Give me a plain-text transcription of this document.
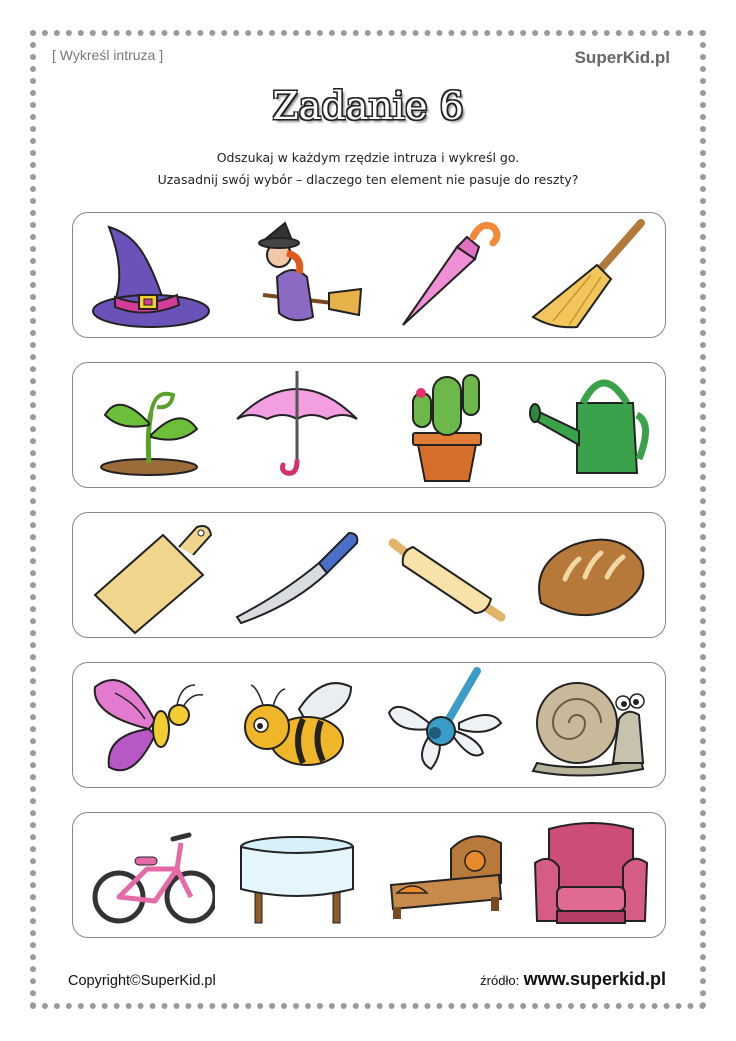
[ Wykreśl intruza ]	SuperKid.pl
Zadanie 6
Odszukaj w każdym rzędzie intruza i wykreśl go.
Uzasadnij swój wybór – dlaczego ten element nie pasuje do reszty?
Copyright©SuperKid.pl	źródło: www.superkid.pl
